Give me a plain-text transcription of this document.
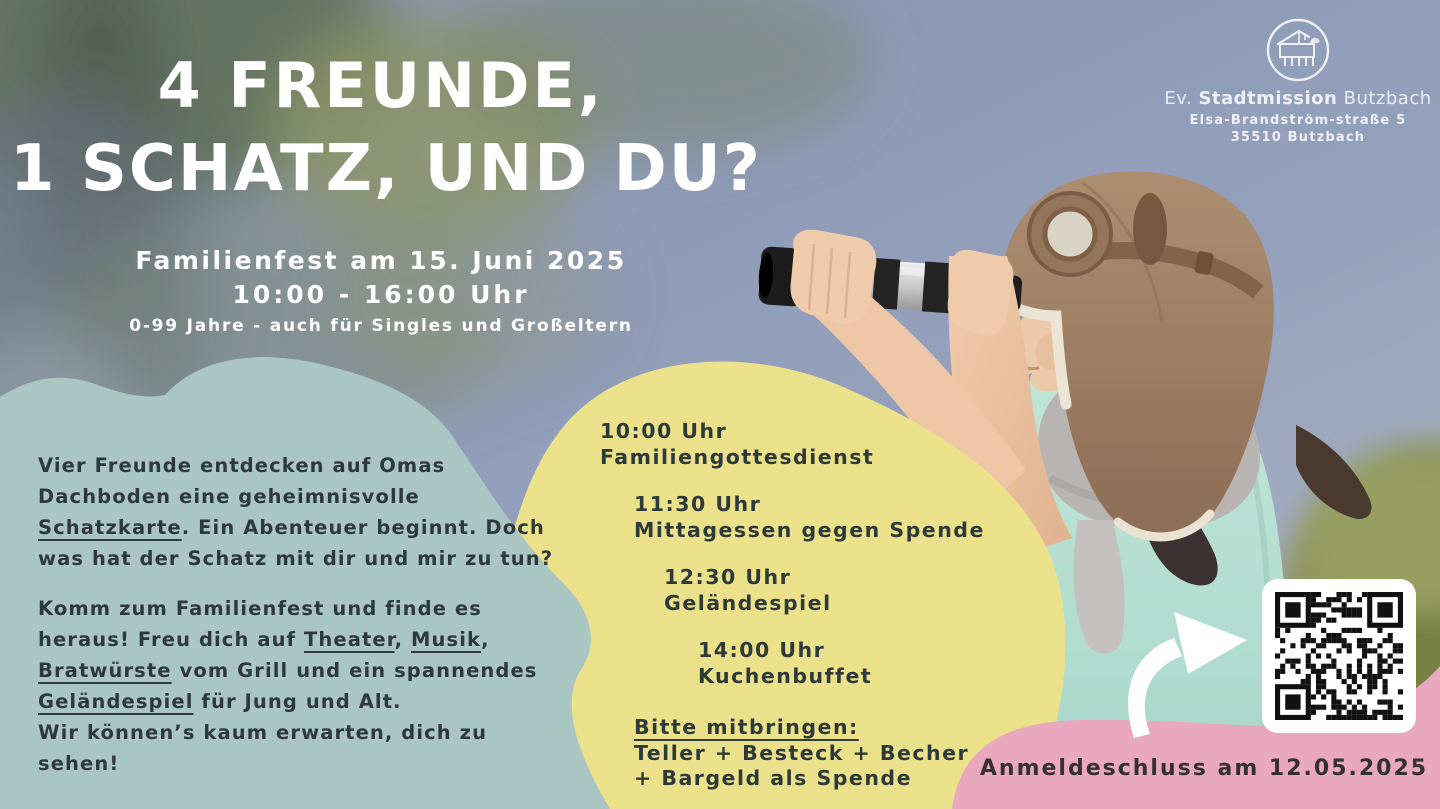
Ev. Stadtmission Butzbach
Elsa-Brandström-straße 5
35510 Butzbach
4 FREUNDE,
1 SCHATZ, UND DU?
Familienfest am 15. Juni 2025
10:00 - 16:00 Uhr
0-99 Jahre - auch für Singles und Großeltern

Vier Freunde entdecken auf Omas
Dachboden eine geheimnisvolle
Schatzkarte. Ein Abenteuer beginnt. Doch
was hat der Schatz mit dir und mir zu tun?

Komm zum Familienfest und finde es
heraus! Freu dich auf Theater, Musik,
Bratwürste vom Grill und ein spannendes
Geländespiel für Jung und Alt.
Wir können’s kaum erwarten, dich zu
sehen!

10:00 Uhr
Familiengottesdienst
11:30 Uhr
Mittagessen gegen Spende
12:30 Uhr
Geländespiel
14:00 Uhr
Kuchenbuffet
Bitte mitbringen:
Teller + Besteck + Becher
+ Bargeld als Spende	Anmeldeschluss am 12.05.2025
